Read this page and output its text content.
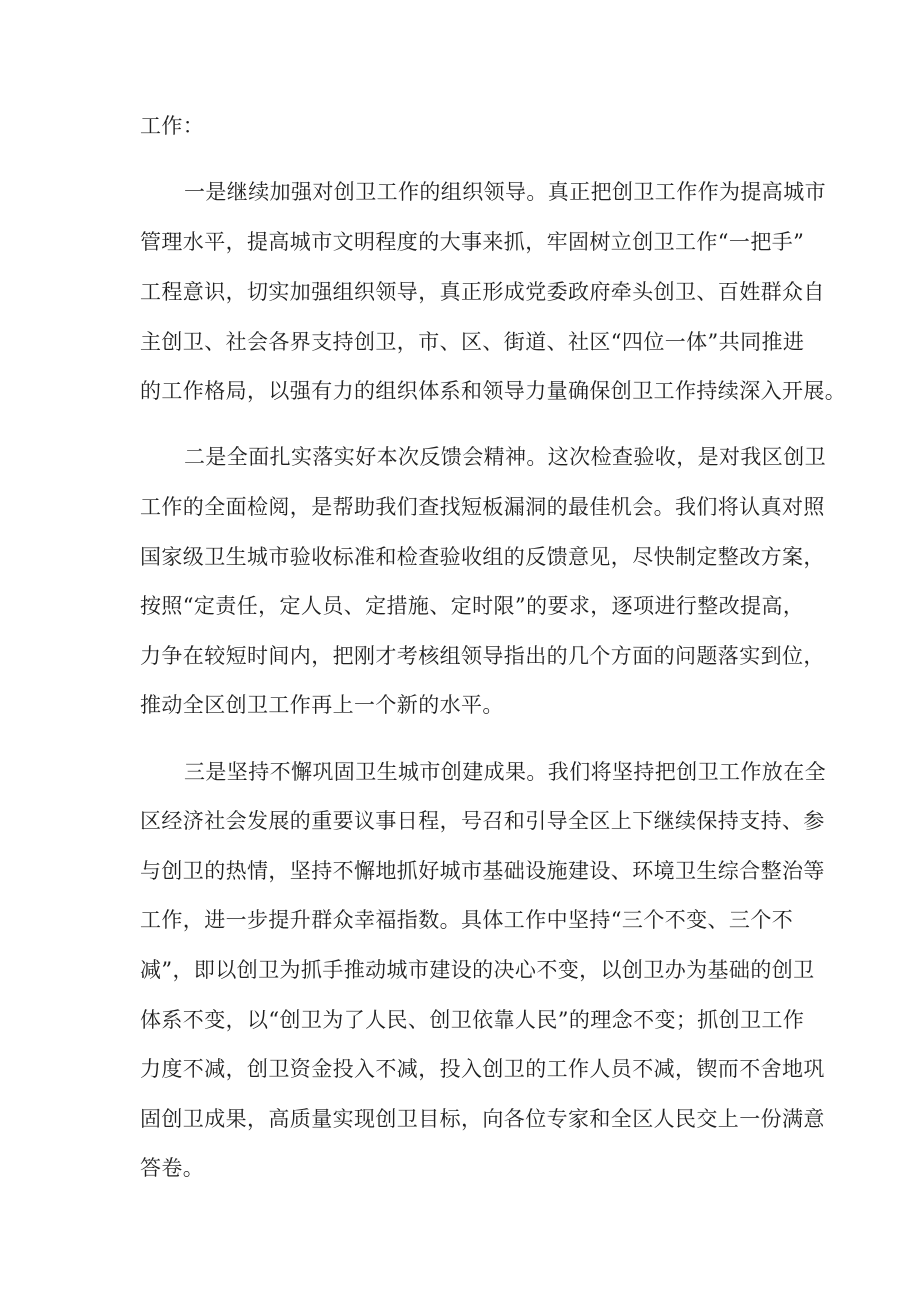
工作：

一是继续加强对创卫工作的组织领导。真正把创卫工作作为提高城市

管理水平，提高城市文明程度的大事来抓，牢固树立创卫工作“一把手”

工程意识，切实加强组织领导，真正形成党委政府牵头创卫、百姓群众自

主创卫、社会各界支持创卫，市、区、街道、社区“四位一体”共同推进

的工作格局，以强有力的组织体系和领导力量确保创卫工作持续深入开展。

二是全面扎实落实好本次反馈会精神。这次检查验收，是对我区创卫

工作的全面检阅，是帮助我们查找短板漏洞的最佳机会。我们将认真对照

国家级卫生城市验收标准和检查验收组的反馈意见，尽快制定整改方案，

按照“定责任，定人员、定措施、定时限”的要求，逐项进行整改提高，

力争在较短时间内，把刚才考核组领导指出的几个方面的问题落实到位，

推动全区创卫工作再上一个新的水平。

三是坚持不懈巩固卫生城市创建成果。我们将坚持把创卫工作放在全

区经济社会发展的重要议事日程，号召和引导全区上下继续保持支持、参

与创卫的热情，坚持不懈地抓好城市基础设施建设、环境卫生综合整治等

工作，进一步提升群众幸福指数。具体工作中坚持“三个不变、三个不

减”，即以创卫为抓手推动城市建设的决心不变，以创卫办为基础的创卫

体系不变，以“创卫为了人民、创卫依靠人民”的理念不变；抓创卫工作

力度不减，创卫资金投入不减，投入创卫的工作人员不减，锲而不舍地巩

固创卫成果，高质量实现创卫目标，向各位专家和全区人民交上一份满意

答卷。
